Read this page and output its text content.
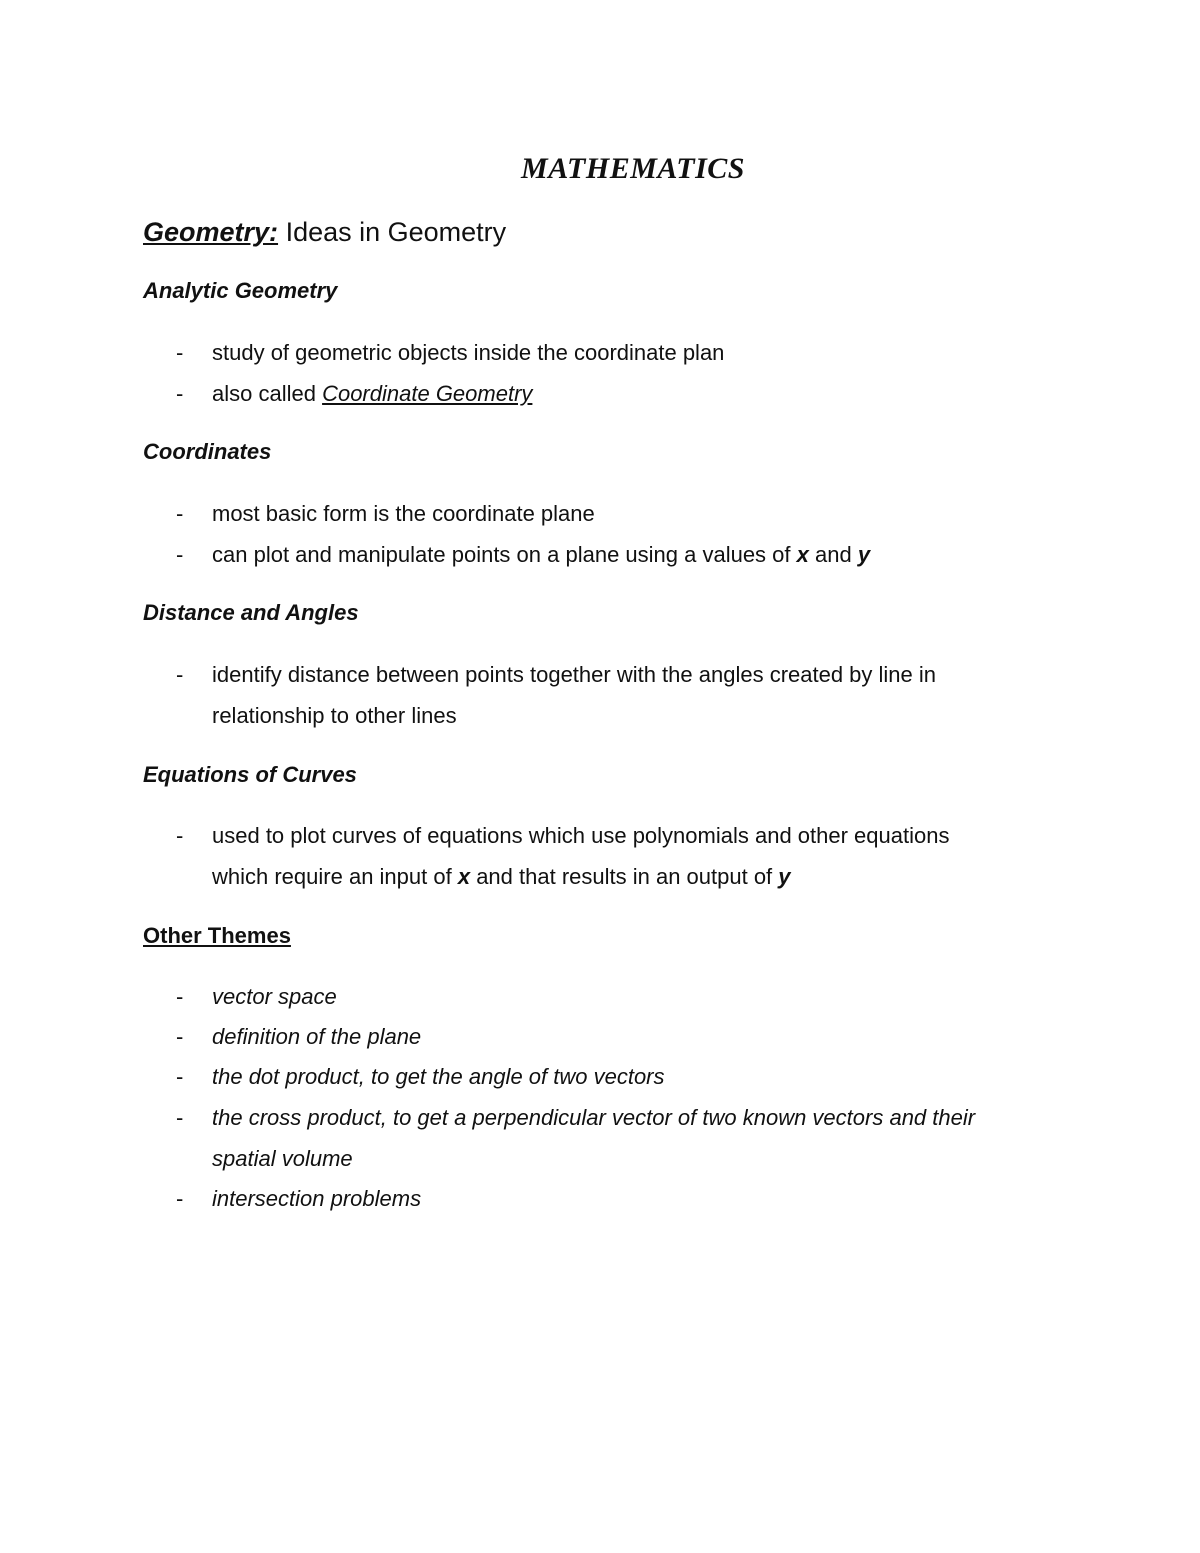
MATHEMATICS
Geometry: Ideas in Geometry
Analytic Geometry
- study of geometric objects inside the coordinate plan
- also called Coordinate Geometry
Coordinates
- most basic form is the coordinate plane
- can plot and manipulate points on a plane using a values of x and y
Distance and Angles
- identify distance between points together with the angles created by line in
relationship to other lines
Equations of Curves
- used to plot curves of equations which use polynomials and other equations
which require an input of x and that results in an output of y
Other Themes
- vector space
- definition of the plane
- the dot product, to get the angle of two vectors
- the cross product, to get a perpendicular vector of two known vectors and their
spatial volume
- intersection problems
